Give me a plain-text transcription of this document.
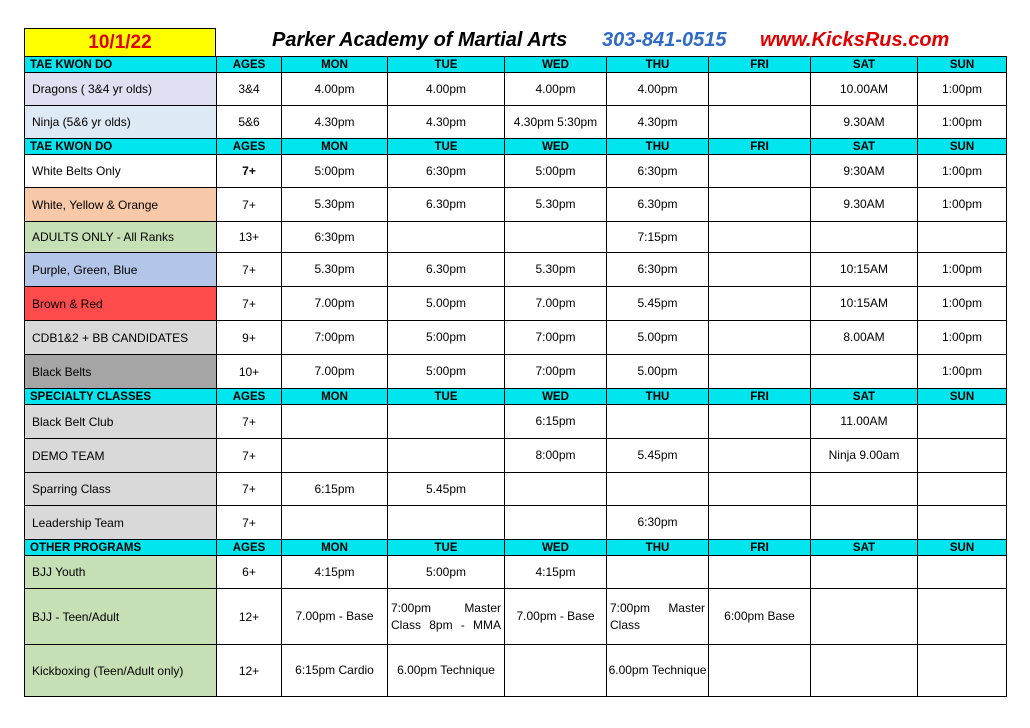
10/1/22	Parker Academy of Martial Arts 303-841-0515 www.KicksRus.com
TAE KWON DO	AGES	MON	TUE	WED	THU	FRI	SAT	SUN
Dragons ( 3&4 yr olds)	3&4	4.00pm	4.00pm	4.00pm	4.00pm		10.00AM	1:00pm
Ninja (5&6 yr olds)	5&6	4.30pm	4.30pm	4.30pm 5:30pm	4.30pm		9.30AM	1:00pm
TAE KWON DO	AGES	MON	TUE	WED	THU	FRI	SAT	SUN
White Belts Only	7+	5:00pm	6:30pm	5:00pm	6:30pm		9:30AM	1:00pm
White, Yellow & Orange	7+	5.30pm	6.30pm	5.30pm	6.30pm		9.30AM	1:00pm
ADULTS ONLY - All Ranks	13+	6:30pm			7:15pm			
Purple, Green, Blue	7+	5.30pm	6.30pm	5.30pm	6:30pm		10:15AM	1:00pm
Brown & Red	7+	7.00pm	5.00pm	7.00pm	5.45pm		10:15AM	1:00pm
CDB1&2 + BB CANDIDATES	9+	7:00pm	5:00pm	7:00pm	5.00pm		8.00AM	1:00pm
Black Belts	10+	7.00pm	5:00pm	7:00pm	5.00pm			1:00pm
SPECIALTY CLASSES	AGES	MON	TUE	WED	THU	FRI	SAT	SUN
Black Belt Club	7+			6:15pm			11.00AM	
DEMO TEAM	7+			8:00pm	5.45pm		Ninja 9.00am	
Sparring Class	7+	6:15pm	5.45pm					
Leadership Team	7+				6:30pm			
OTHER PROGRAMS	AGES	MON	TUE	WED	THU	FRI	SAT	SUN
BJJ Youth	6+	4:15pm	5:00pm	4:15pm				
BJJ - Teen/Adult	12+	7.00pm - Base	7:00pm Master Class 8pm - MMA	7.00pm - Base	7:00pm Master Class	6:00pm Base		
Kickboxing (Teen/Adult only)	12+	6:15pm Cardio	6.00pm Technique		6.00pm Technique			
